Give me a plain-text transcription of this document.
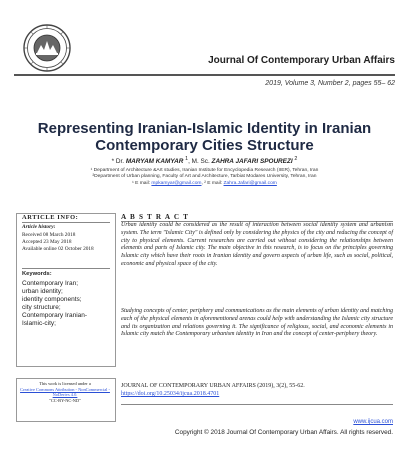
Journal Of Contemporary Urban Affairs
2019, Volume 3, Number 2, pages 55– 62
Representing Iranian-Islamic Identity in Iranian
Contemporary Cities Structure
* Dr. MARYAM KAMYAR $^1$, M. Sc. ZAHRA JAFARI SPOUREZI $^2$
¹ Department of Architecture &Art studies, Iranian Institute for Encyclopedia Research (IIER), Tehran, Iran
²Department of Urban planning, Faculty of Art and Architecture, Tarbiat Modares University, Tehran, Iran
¹ E mail: mpkamyar@gmail.com, ² E mail: Zahra.Jafari@gmail.com
ARTICLE INFO:
Article history:
Received 08 March 2018
Accepted 23 May 2018
Available online 02 October 2018
Keywords:
Contemporary Iran;
urban identity;
identity components;
city structure;
Contemporary Iranian-
Islamic-city;
This work is licensed under a
Creative Commons Attribution - NonCommercial - NoDerivs 4.0.
"CC-BY-NC-ND"
A B S T R A C T
Urban identity could be considered as the result of interaction between social identity system and urbanism system. The term "Islamic City" is defined only by considering the physics of the city and reducing the concept of city to physical elements. Current researches are carried out without considering the relationships between elements and parts of Islamic city. The main objective in this research, is to focus on the principles governing Islamic city which have their roots in Iranian identity and govern aspects of urban life, such as social, political, economic and physical space of the city.
Studying concepts of center, periphery and communications as the main elements of urban identity and matching each of the physical elements in aforementioned arenas could help with understanding the Islamic city structure and its organization and relations governing it. The significance of religious, social, and economic elements in Islamic city match the Contemporary urbanism identity in Iran and the concept of center-periphery theory.
JOURNAL OF CONTEMPORARY URBAN AFFAIRS (2019), 3(2), 55-62.
https://doi.org/10.25034/ijcua.2018.4701
www.ijcua.com
Copyright © 2018 Journal Of Contemporary Urban Affairs. All rights reserved.
